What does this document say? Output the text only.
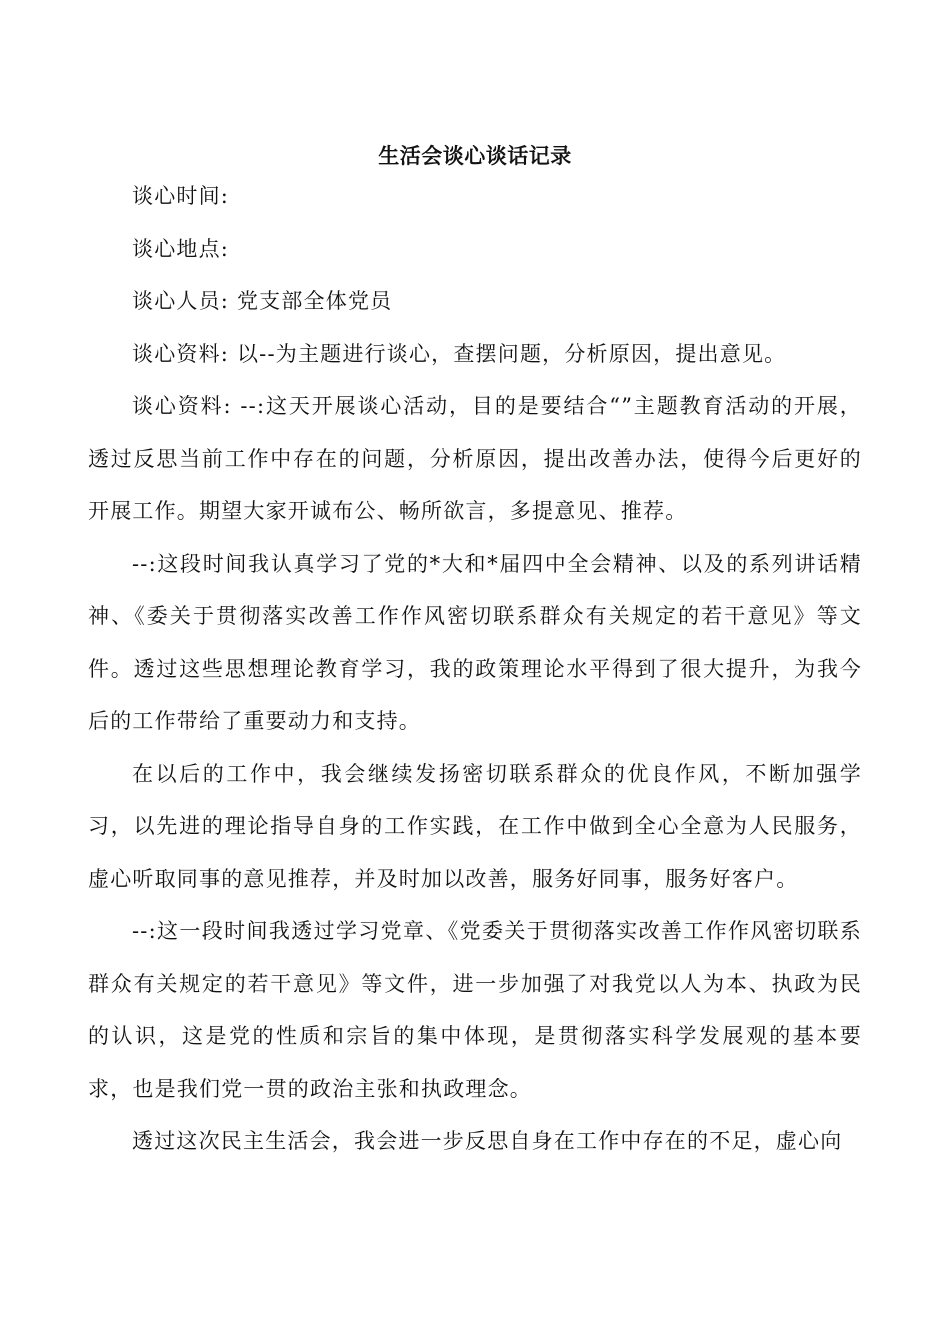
生活会谈心谈话记录

谈心时间:

谈心地点:

谈心人员: 党支部全体党员

谈心资料: 以--为主题进行谈心，查摆问题，分析原因，提出意见。

谈心资料: --:这天开展谈心活动，目的是要结合“”主题教育活动的开展，透过反思当前工作中存在的问题，分析原因，提出改善办法，使得今后更好的开展工作。期望大家开诚布公、畅所欲言，多提意见、推荐。

--:这段时间我认真学习了党的*大和*届四中全会精神、以及的系列讲话精神、《委关于贯彻落实改善工作作风密切联系群众有关规定的若干意见》等文件。透过这些思想理论教育学习，我的政策理论水平得到了很大提升，为我今后的工作带给了重要动力和支持。

在以后的工作中，我会继续发扬密切联系群众的优良作风，不断加强学习，以先进的理论指导自身的工作实践，在工作中做到全心全意为人民服务，虚心听取同事的意见推荐，并及时加以改善，服务好同事，服务好客户。

--:这一段时间我透过学习党章、《党委关于贯彻落实改善工作作风密切联系群众有关规定的若干意见》等文件，进一步加强了对我党以人为本、执政为民的认识，这是党的性质和宗旨的集中体现，是贯彻落实科学发展观的基本要求，也是我们党一贯的政治主张和执政理念。

透过这次民主生活会，我会进一步反思自身在工作中存在的不足，虚心向
